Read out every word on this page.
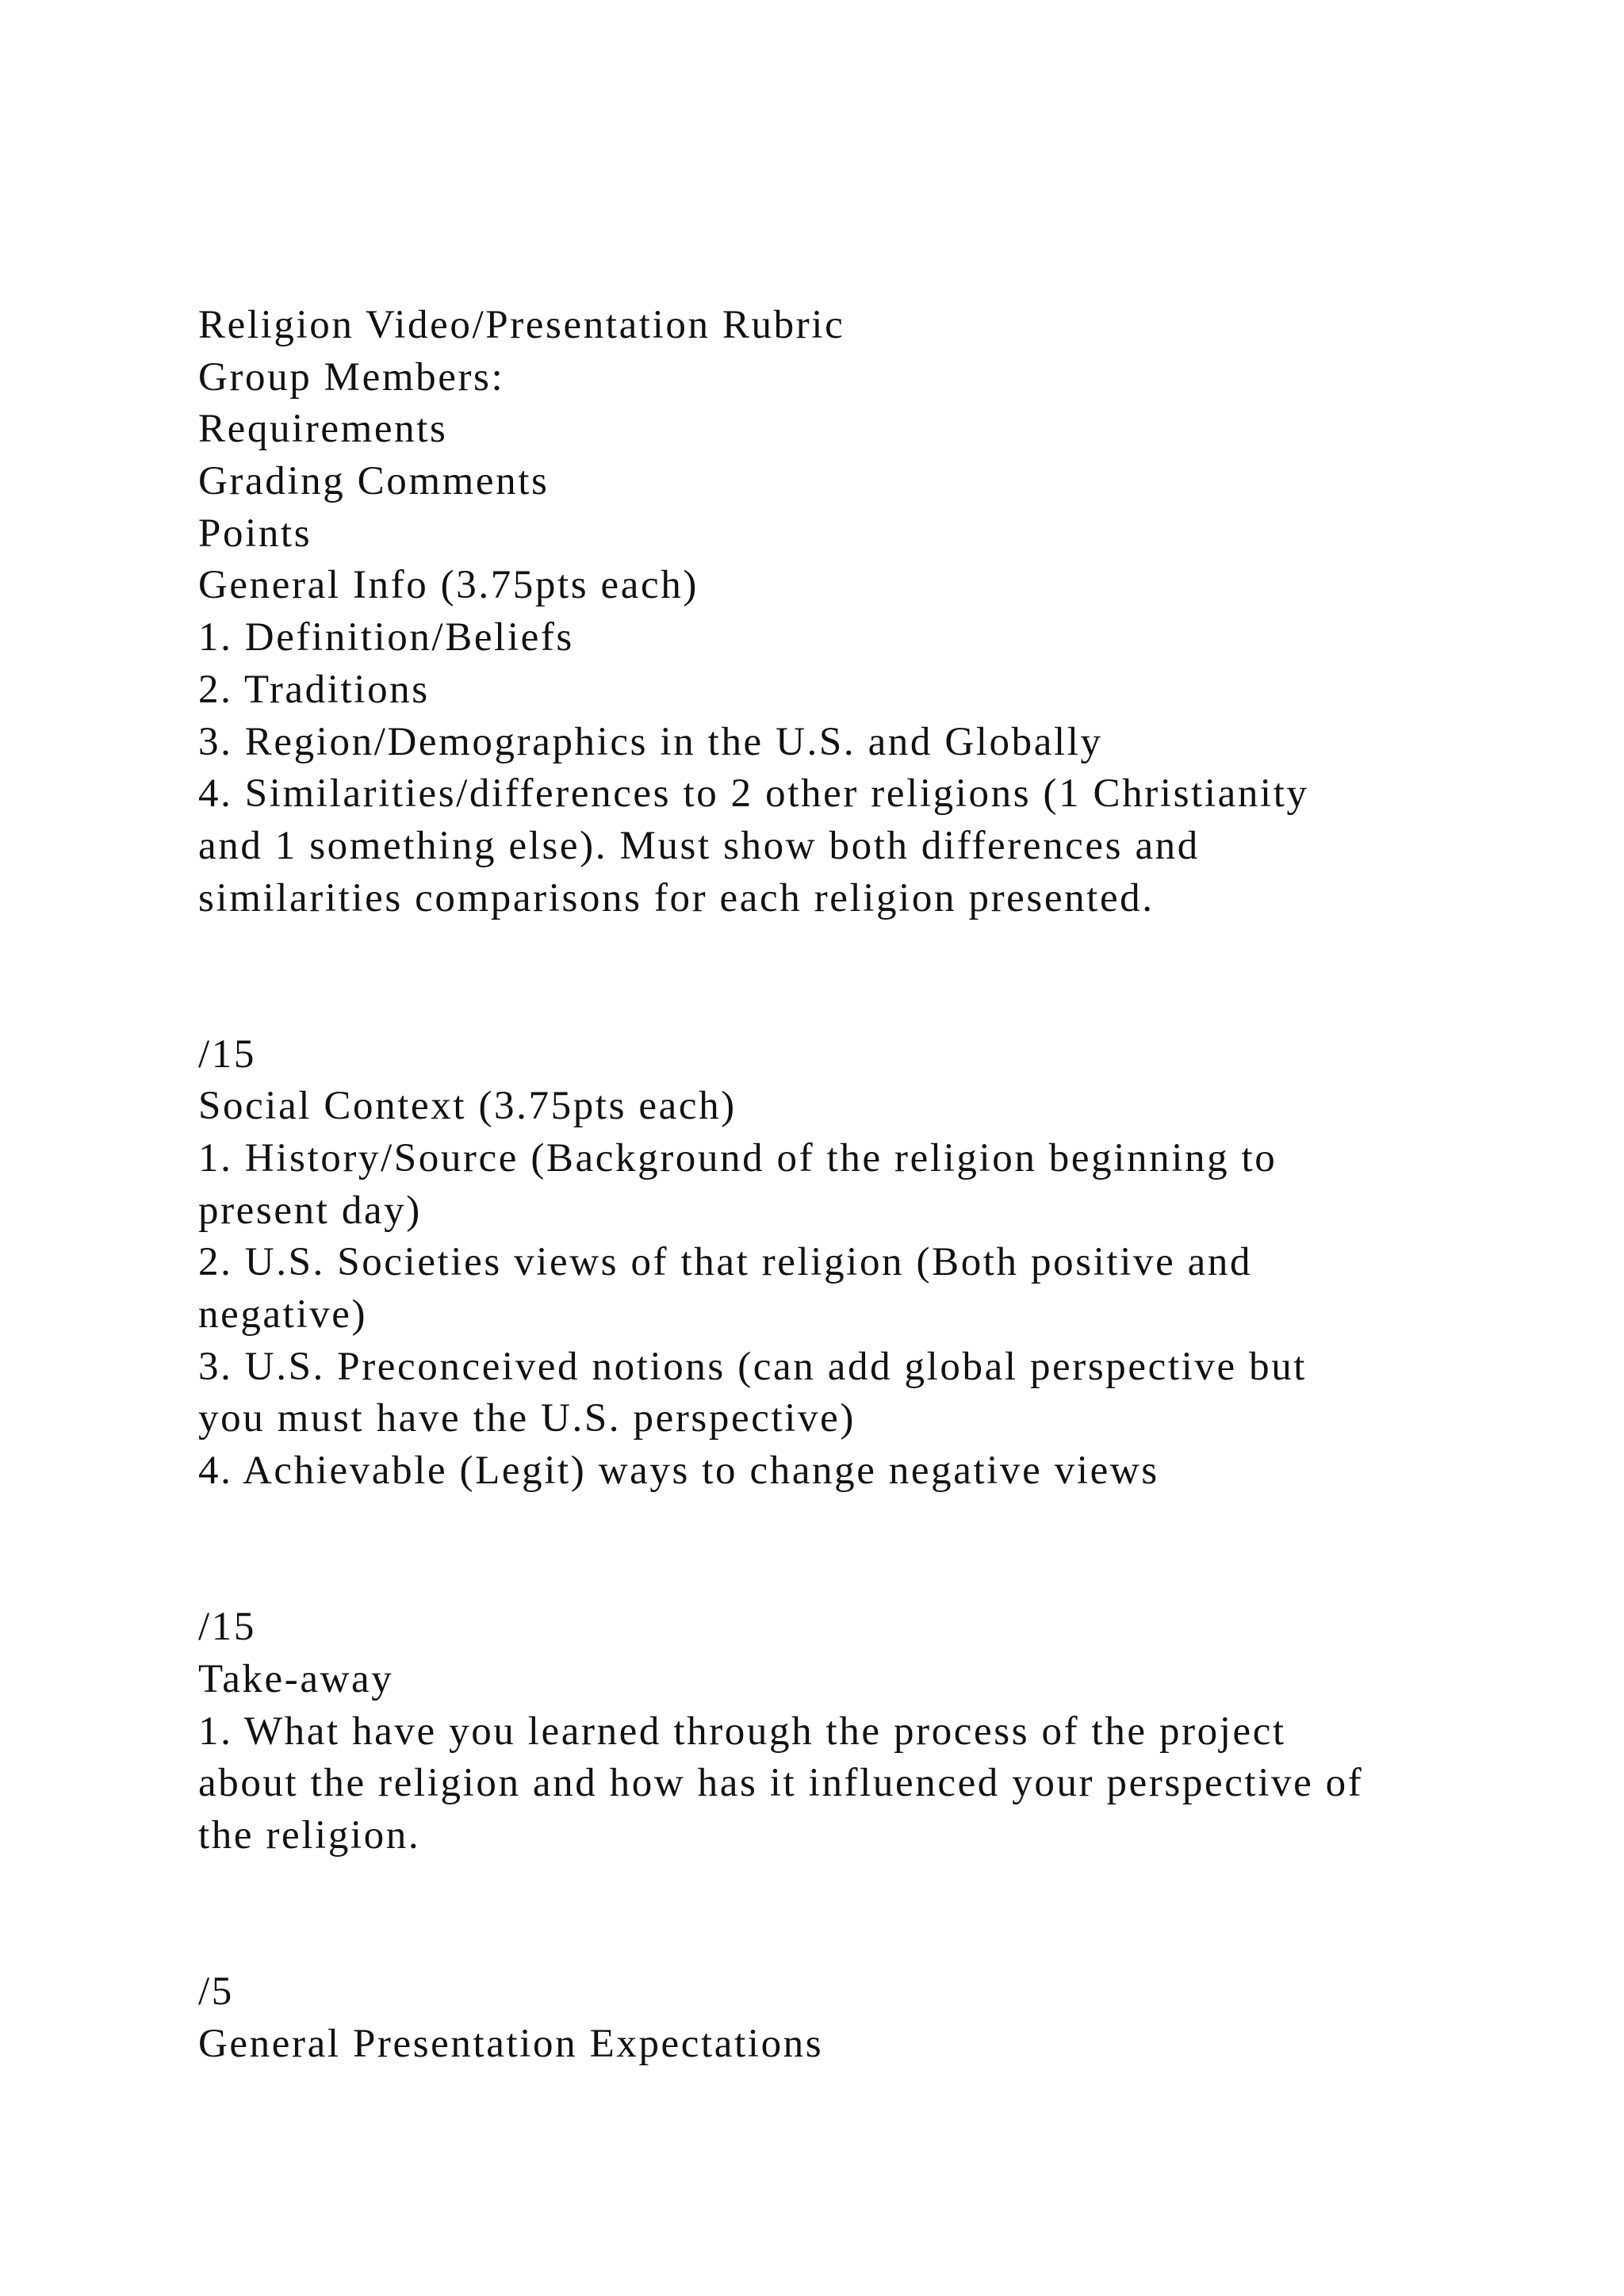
Religion Video/Presentation Rubric
Group Members:
Requirements
Grading Comments
Points
General Info (3.75pts each)
1. Definition/Beliefs
2. Traditions
3. Region/Demographics in the U.S. and Globally
4. Similarities/differences to 2 other religions (1 Christianity
and 1 something else). Must show both differences and
similarities comparisons for each religion presented.
/15
Social Context (3.75pts each)
1. History/Source (Background of the religion beginning to
present day)
2. U.S. Societies views of that religion (Both positive and
negative)
3. U.S. Preconceived notions (can add global perspective but
you must have the U.S. perspective)
4. Achievable (Legit) ways to change negative views
/15
Take-away
1. What have you learned through the process of the project
about the religion and how has it influenced your perspective of
the religion.
/5
General Presentation Expectations
